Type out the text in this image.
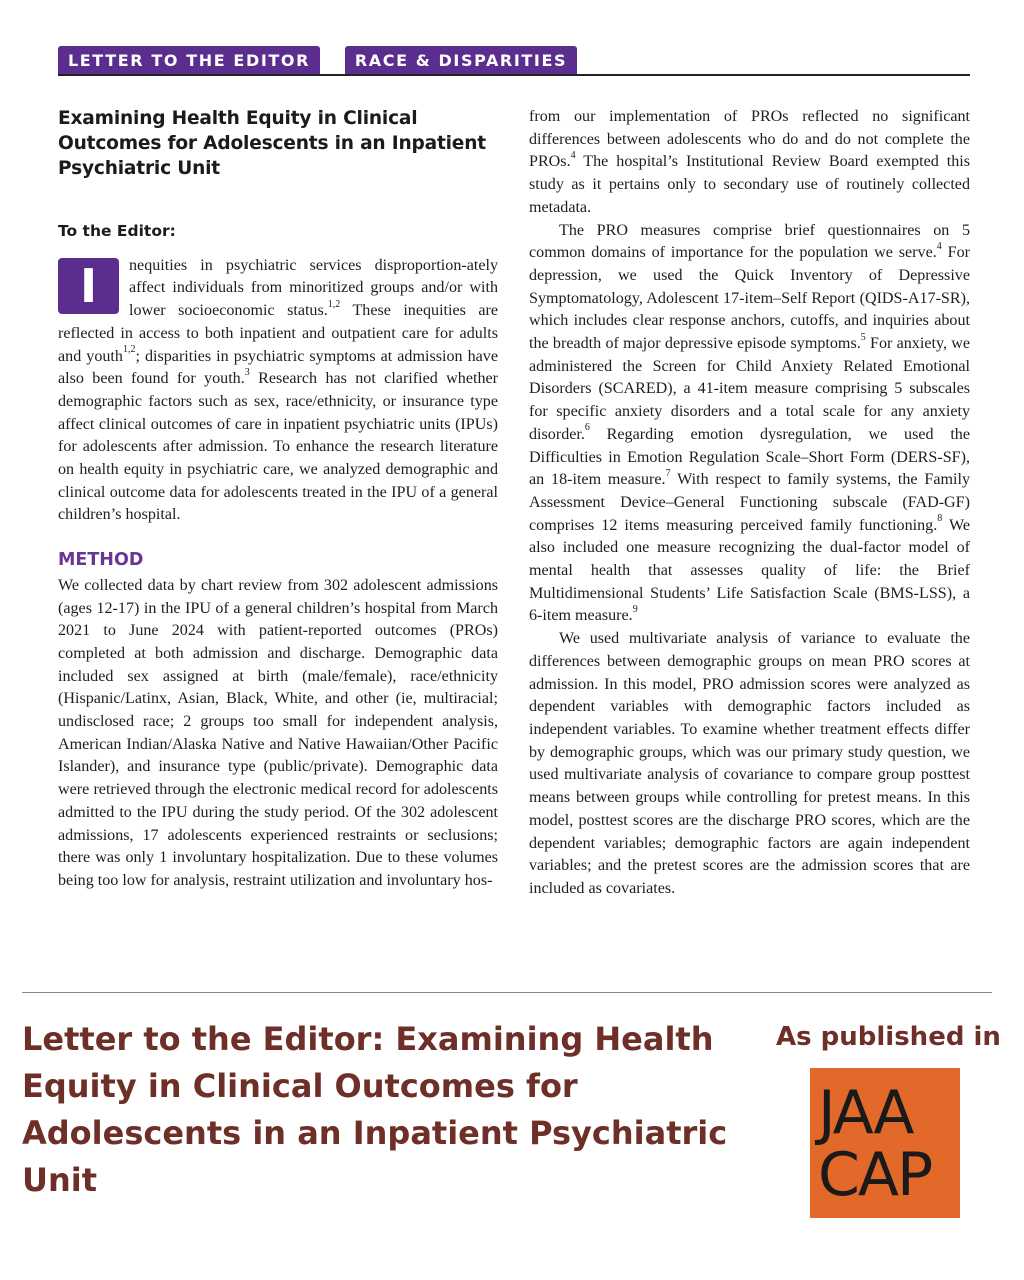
LETTER TO THE EDITOR	RACE & DISPARITIES
Examining Health Equity in Clinical Outcomes for Adolescents in an Inpatient Psychiatric Unit
To the Editor:

I	nequities in psychiatric services disproportion-ately affect individuals from minoritized groups and/or with lower socioeconomic status.$^{1,2}$ These inequities are reflected in access to both inpatient and outpatient care for adults and youth$^{1,2}$; disparities in psychiatric symptoms at admission have also been found for youth.$^3$ Research has not clarified whether demographic factors such as sex, race/ethnicity, or insurance type affect clinical outcomes of care in inpatient psychiatric units (IPUs) for adolescents after admission. To enhance the research literature on health equity in psychiatric care, we analyzed demographic and clinical outcome data for adolescents treated in the IPU of a general children’s hospital.

METHOD

We collected data by chart review from 302 adolescent admissions (ages 12-17) in the IPU of a general children’s hospital from March 2021 to June 2024 with patient-reported outcomes (PROs) completed at both admission and discharge. Demographic data included sex assigned at birth (male/female), race/ethnicity (Hispanic/Latinx, Asian, Black, White, and other (ie, multiracial; undisclosed race; 2 groups too small for independent analysis, American Indian/Alaska Native and Native Hawaiian/Other Pacific Islander), and insurance type (public/private). Demographic data were retrieved through the electronic medical record for adolescents admitted to the IPU during the study period. Of the 302 adolescent admissions, 17 adolescents experienced restraints or seclusions; there was only 1 involuntary hospitalization. Due to these volumes being too low for analysis, restraint utilization and involuntary hos-

from our implementation of PROs reflected no significant differences between adolescents who do and do not complete the PROs.$^4$ The hospital’s Institutional Review Board exempted this study as it pertains only to secondary use of routinely collected metadata.

The PRO measures comprise brief questionnaires on 5 common domains of importance for the population we serve.$^4$ For depression, we used the Quick Inventory of Depressive Symptomatology, Adolescent 17-item–Self Report (QIDS-A17-SR), which includes clear response anchors, cutoffs, and inquiries about the breadth of major depressive episode symptoms.$^5$ For anxiety, we administered the Screen for Child Anxiety Related Emotional Disorders (SCARED), a 41-item measure comprising 5 subscales for specific anxiety disorders and a total scale for any anxiety disorder.$^6$ Regarding emotion dysregulation, we used the Difficulties in Emotion Regulation Scale–Short Form (DERS-SF), an 18-item measure.$^7$ With respect to family systems, the Family Assessment Device–General Functioning subscale (FAD-GF) comprises 12 items measuring perceived family functioning.$^8$ We also included one measure recognizing the dual-factor model of mental health that assesses quality of life: the Brief Multidimensional Students’ Life Satisfaction Scale (BMS-LSS), a 6-item measure.$^9$

We used multivariate analysis of variance to evaluate the differences between demographic groups on mean PRO scores at admission. In this model, PRO admission scores were analyzed as dependent variables with demographic factors included as independent variables. To examine whether treatment effects differ by demographic groups, which was our primary study question, we used multivariate analysis of covariance to compare group posttest means between groups while controlling for pretest means. In this model, posttest scores are the discharge PRO scores, which are the dependent variables; demographic factors are again independent variables; and the pretest scores are the admission scores that are included as covariates.

Letter to the Editor: Examining Health Equity in Clinical Outcomes for Adolescents in an Inpatient Psychiatric Unit
As published in
JAA
CAP
